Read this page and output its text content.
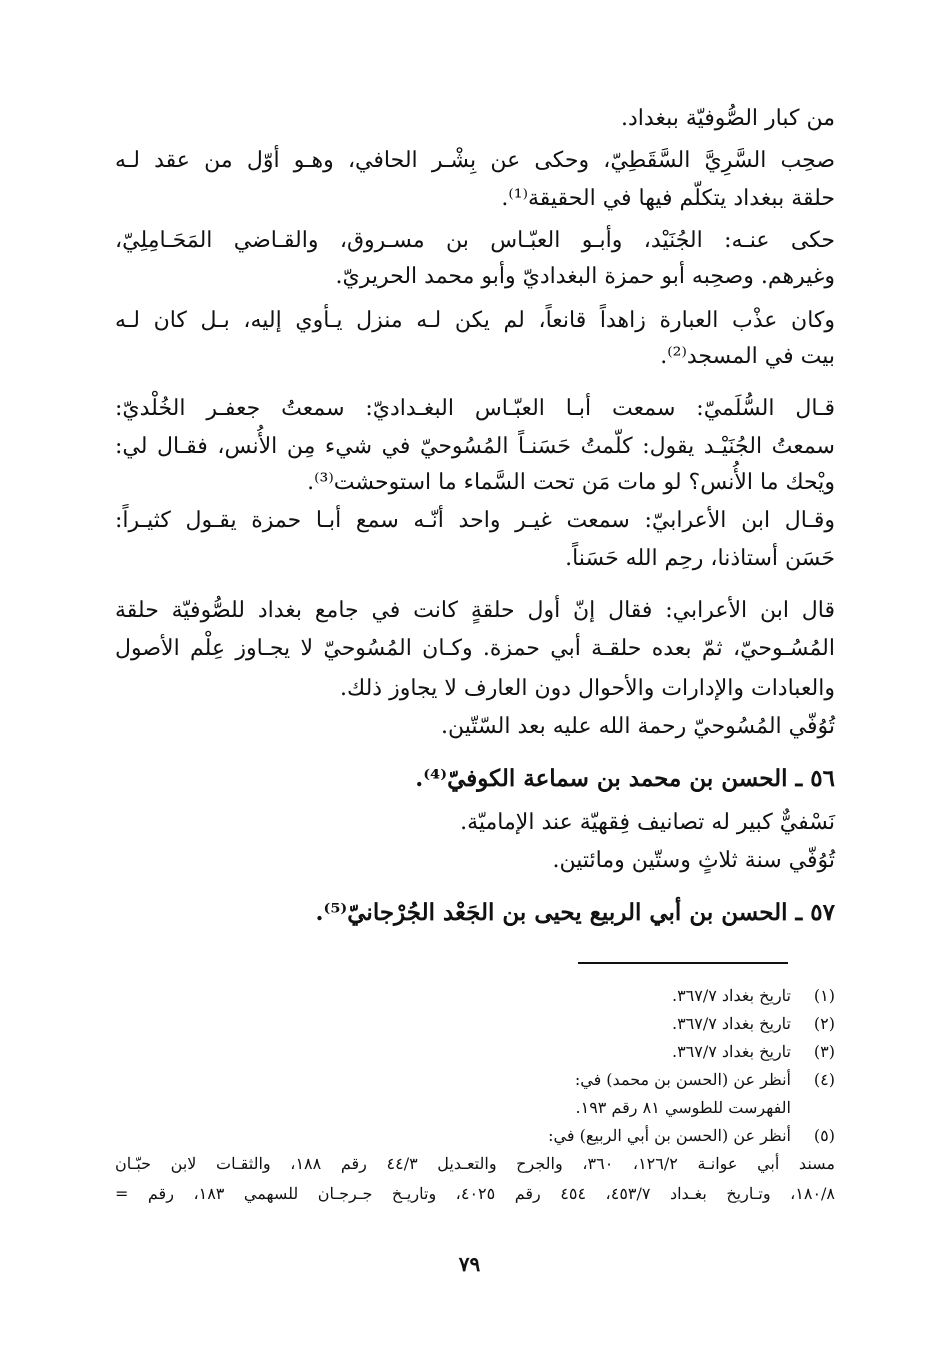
من كبار الصُّوفيّة ببغداد.
صحِب السَّرِيَّ السَّقَطِيّ، وحكى عن بِشْـر الحافي، وهـو أوّل من عقد لـه
حلقة ببغداد يتكلّم فيها في الحقيقة⁽¹⁾.
حكى عنـه: الجُنَيْد، وأبـو العبّـاس بن مسـروق، والقـاضي المَحَـامِلِيّ،
وغيرهم. وصحِبه أبو حمزة البغداديّ وأبو محمد الحريريّ.
وكان عذْب العبارة زاهداً قانعاً، لم يكن لـه منزل يـأوي إليه، بـل كان لـه
بيت في المسجد⁽²⁾.
قـال السُّلَميّ: سمعت أبـا العبّـاس البغـداديّ: سمعتُ جعفـر الخُلْديّ:
سمعتُ الجُنَيْـد يقول: كلّمتُ حَسَنـاً المُسُوحيّ في شيء مِن الأُنس، فقـال لي:
ويْحك ما الأُنس؟ لو مات مَن تحت السَّماء ما استوحشت⁽³⁾.
وقـال ابن الأعرابيّ: سمعت غيـر واحد أنّـه سمع أبـا حمزة يقـول كثيـراً:
حَسَن أستاذنا، رحِم الله حَسَناً.
قال ابن الأعرابي: فقال إنّ أول حلقةٍ كانت في جامع بغداد للصُّوفيّة حلقة
المُسُـوحيّ، ثمّ بعده حلقـة أبي حمزة. وكـان المُسُوحيّ لا يجـاوز عِلْم الأصول
والعبادات والإدارات والأحوال دون العارف لا يجاوز ذلك.
تُوُفّي المُسُوحيّ رحمة الله عليه بعد السّتّين.
٥٦ ـ الحسن بن محمد بن سماعة الكوفيّ⁽⁴⁾.
نَسْفيٌّ كبير له تصانيف فِقهيّة عند الإماميّة.
تُوُفّي سنة ثلاثٍ وستّين ومائتين.
٥٧ ـ الحسن بن أبي الربيع يحيى بن الجَعْد الجُرْجانيّ⁽⁵⁾.
(١)تاريخ بغداد ٣٦٧/٧.
(٢)تاريخ بغداد ٣٦٧/٧.
(٣)تاريخ بغداد ٣٦٧/٧.
(٤)أنظر عن (الحسن بن محمد) في:
الفهرست للطوسي ٨١ رقم ١٩٣.
(٥)أنظر عن (الحسن بن أبي الربيع) في:
مسند أبي عوانـة ١٢٦/٢، ٣٦٠، والجرح والتعـديل ٤٤/٣ رقم ١٨٨، والثقـات لابن حبّـان
١٨٠/٨، وتـاريخ بغـداد ٤٥٣/٧، ٤٥٤ رقم ٤٠٢٥، وتاريـخ جـرجـان للسهمي ١٨٣، رقم =
٧٩
